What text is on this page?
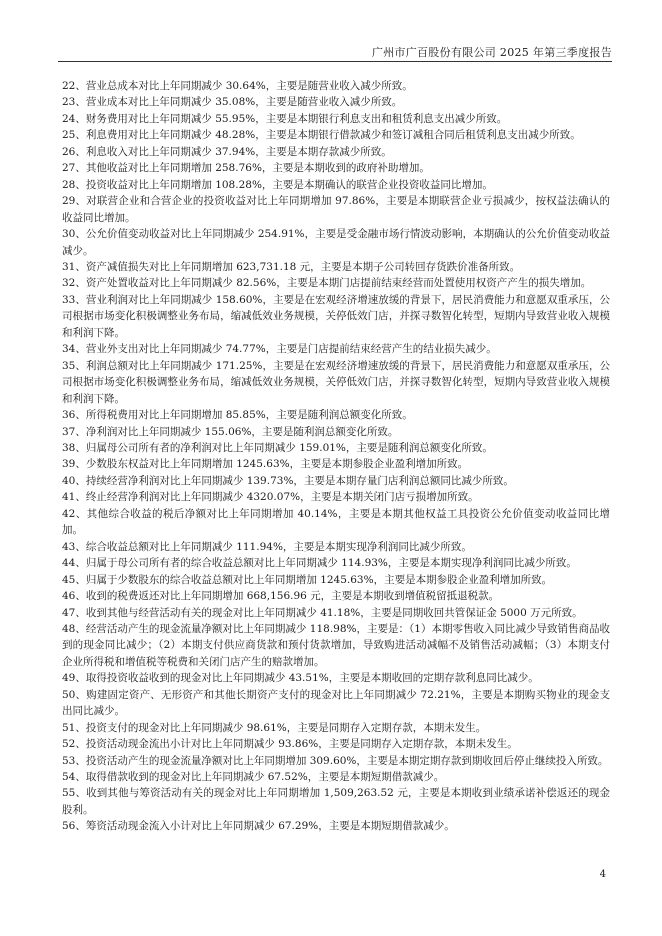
广州市广百股份有限公司 2025 年第三季度报告

22、营业总成本对比上年同期减少 30.64%，主要是随营业收入减少所致。

23、营业成本对比上年同期减少 35.08%，主要是随营业收入减少所致。

24、财务费用对比上年同期减少 55.95%，主要是本期银行利息支出和租赁利息支出减少所致。

25、利息费用对比上年同期减少 48.28%，主要是本期银行借款减少和签订减租合同后租赁利息支出减少所致。

26、利息收入对比上年同期减少 37.94%，主要是本期存款减少所致。

27、其他收益对比上年同期增加 258.76%，主要是本期收到的政府补助增加。

28、投资收益对比上年同期增加 108.28%，主要是本期确认的联营企业投资收益同比增加。

29、对联营企业和合营企业的投资收益对比上年同期增加 97.86%，主要是本期联营企业亏损减少，按权益法确认的收益同比增加。

30、公允价值变动收益对比上年同期减少 254.91%，主要是受金融市场行情波动影响，本期确认的公允价值变动收益减少。

31、资产减值损失对比上年同期增加 623,731.18 元，主要是本期子公司转回存货跌价准备所致。

32、资产处置收益对比上年同期减少 82.56%，主要是本期门店提前结束经营而处置使用权资产产生的损失增加。

33、营业利润对比上年同期减少 158.60%，主要是在宏观经济增速放缓的背景下，居民消费能力和意愿双重承压，公司根据市场变化积极调整业务布局，缩减低效业务规模，关停低效门店，并探寻数智化转型，短期内导致营业收入规模和利润下降。

34、营业外支出对比上年同期减少 74.77%，主要是门店提前结束经营产生的结业损失减少。

35、利润总额对比上年同期减少 171.25%，主要是在宏观经济增速放缓的背景下，居民消费能力和意愿双重承压，公司根据市场变化积极调整业务布局，缩减低效业务规模，关停低效门店，并探寻数智化转型，短期内导致营业收入规模和利润下降。

36、所得税费用对比上年同期增加 85.85%，主要是随利润总额变化所致。

37、净利润对比上年同期减少 155.06%，主要是随利润总额变化所致。

38、归属母公司所有者的净利润对比上年同期减少 159.01%，主要是随利润总额变化所致。

39、少数股东权益对比上年同期增加 1245.63%，主要是本期参股企业盈利增加所致。

40、持续经营净利润对比上年同期减少 139.73%，主要是本期存量门店利润总额同比减少所致。

41、终止经营净利润对比上年同期减少 4320.07%，主要是本期关闭门店亏损增加所致。

42、其他综合收益的税后净额对比上年同期增加 40.14%，主要是本期其他权益工具投资公允价值变动收益同比增加。

43、综合收益总额对比上年同期减少 111.94%，主要是本期实现净利润同比减少所致。

44、归属于母公司所有者的综合收益总额对比上年同期减少 114.93%，主要是本期实现净利润同比减少所致。

45、归属于少数股东的综合收益总额对比上年同期增加 1245.63%，主要是本期参股企业盈利增加所致。

46、收到的税费返还对比上年同期增加 668,156.96 元，主要是本期收到增值税留抵退税款。

47、收到其他与经营活动有关的现金对比上年同期减少 41.18%，主要是同期收回共管保证金 5000 万元所致。

48、经营活动产生的现金流量净额对比上年同期减少 118.98%，主要是：（1）本期零售收入同比减少导致销售商品收到的现金同比减少；（2）本期支付供应商货款和预付货款增加，导致购进活动减幅不及销售活动减幅；（3）本期支付企业所得税和增值税等税费和关闭门店产生的赔款增加。

49、取得投资收益收到的现金对比上年同期减少 43.51%，主要是本期收回的定期存款利息同比减少。

50、购建固定资产、无形资产和其他长期资产支付的现金对比上年同期减少 72.21%，主要是本期购买物业的现金支出同比减少。

51、投资支付的现金对比上年同期减少 98.61%，主要是同期存入定期存款，本期未发生。

52、投资活动现金流出小计对比上年同期减少 93.86%，主要是同期存入定期存款，本期未发生。

53、投资活动产生的现金流量净额对比上年同期增加 309.60%，主要是本期定期存款到期收回后停止继续投入所致。

54、取得借款收到的现金对比上年同期减少 67.52%，主要是本期短期借款减少。

55、收到其他与筹资活动有关的现金对比上年同期增加 1,509,263.52 元，主要是本期收到业绩承诺补偿返还的现金股利。

56、筹资活动现金流入小计对比上年同期减少 67.29%，主要是本期短期借款减少。

4
